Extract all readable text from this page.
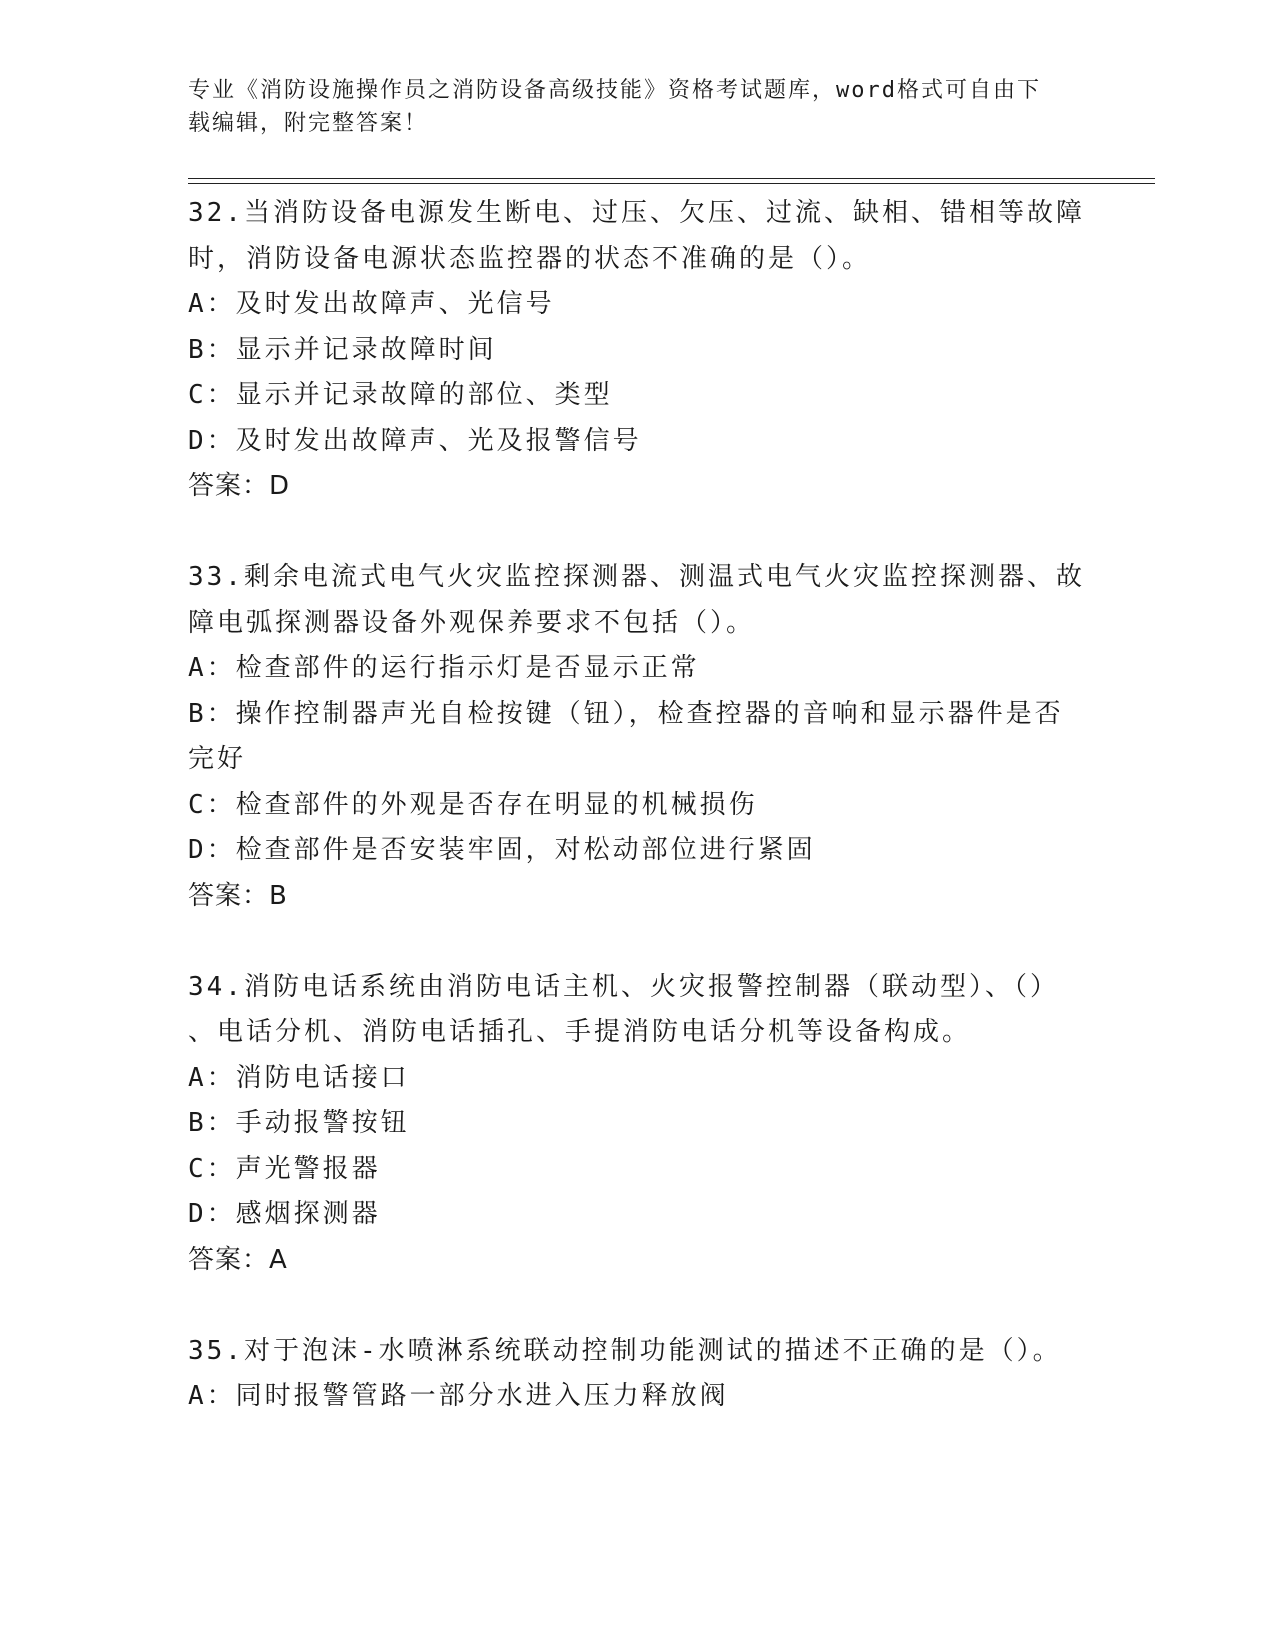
专业《消防设施操作员之消防设备高级技能》资格考试题库，word格式可自由下
载编辑，附完整答案！
32.当消防设备电源发生断电、过压、欠压、过流、缺相、错相等故障
时，消防设备电源状态监控器的状态不准确的是（）。
A：及时发出故障声、光信号
B：显示并记录故障时间
C：显示并记录故障的部位、类型
D：及时发出故障声、光及报警信号
答案：D
33.剩余电流式电气火灾监控探测器、测温式电气火灾监控探测器、故
障电弧探测器设备外观保养要求不包括（）。
A：检查部件的运行指示灯是否显示正常
B：操作控制器声光自检按键（钮），检查控器的音响和显示器件是否
完好
C：检查部件的外观是否存在明显的机械损伤
D：检查部件是否安装牢固，对松动部位进行紧固
答案：B
34.消防电话系统由消防电话主机、火灾报警控制器（联动型）、（）
、电话分机、消防电话插孔、手提消防电话分机等设备构成。
A：消防电话接口
B：手动报警按钮
C：声光警报器
D：感烟探测器
答案：A
35.对于泡沫-水喷淋系统联动控制功能测试的描述不正确的是（）。
A：同时报警管路一部分水进入压力释放阀
